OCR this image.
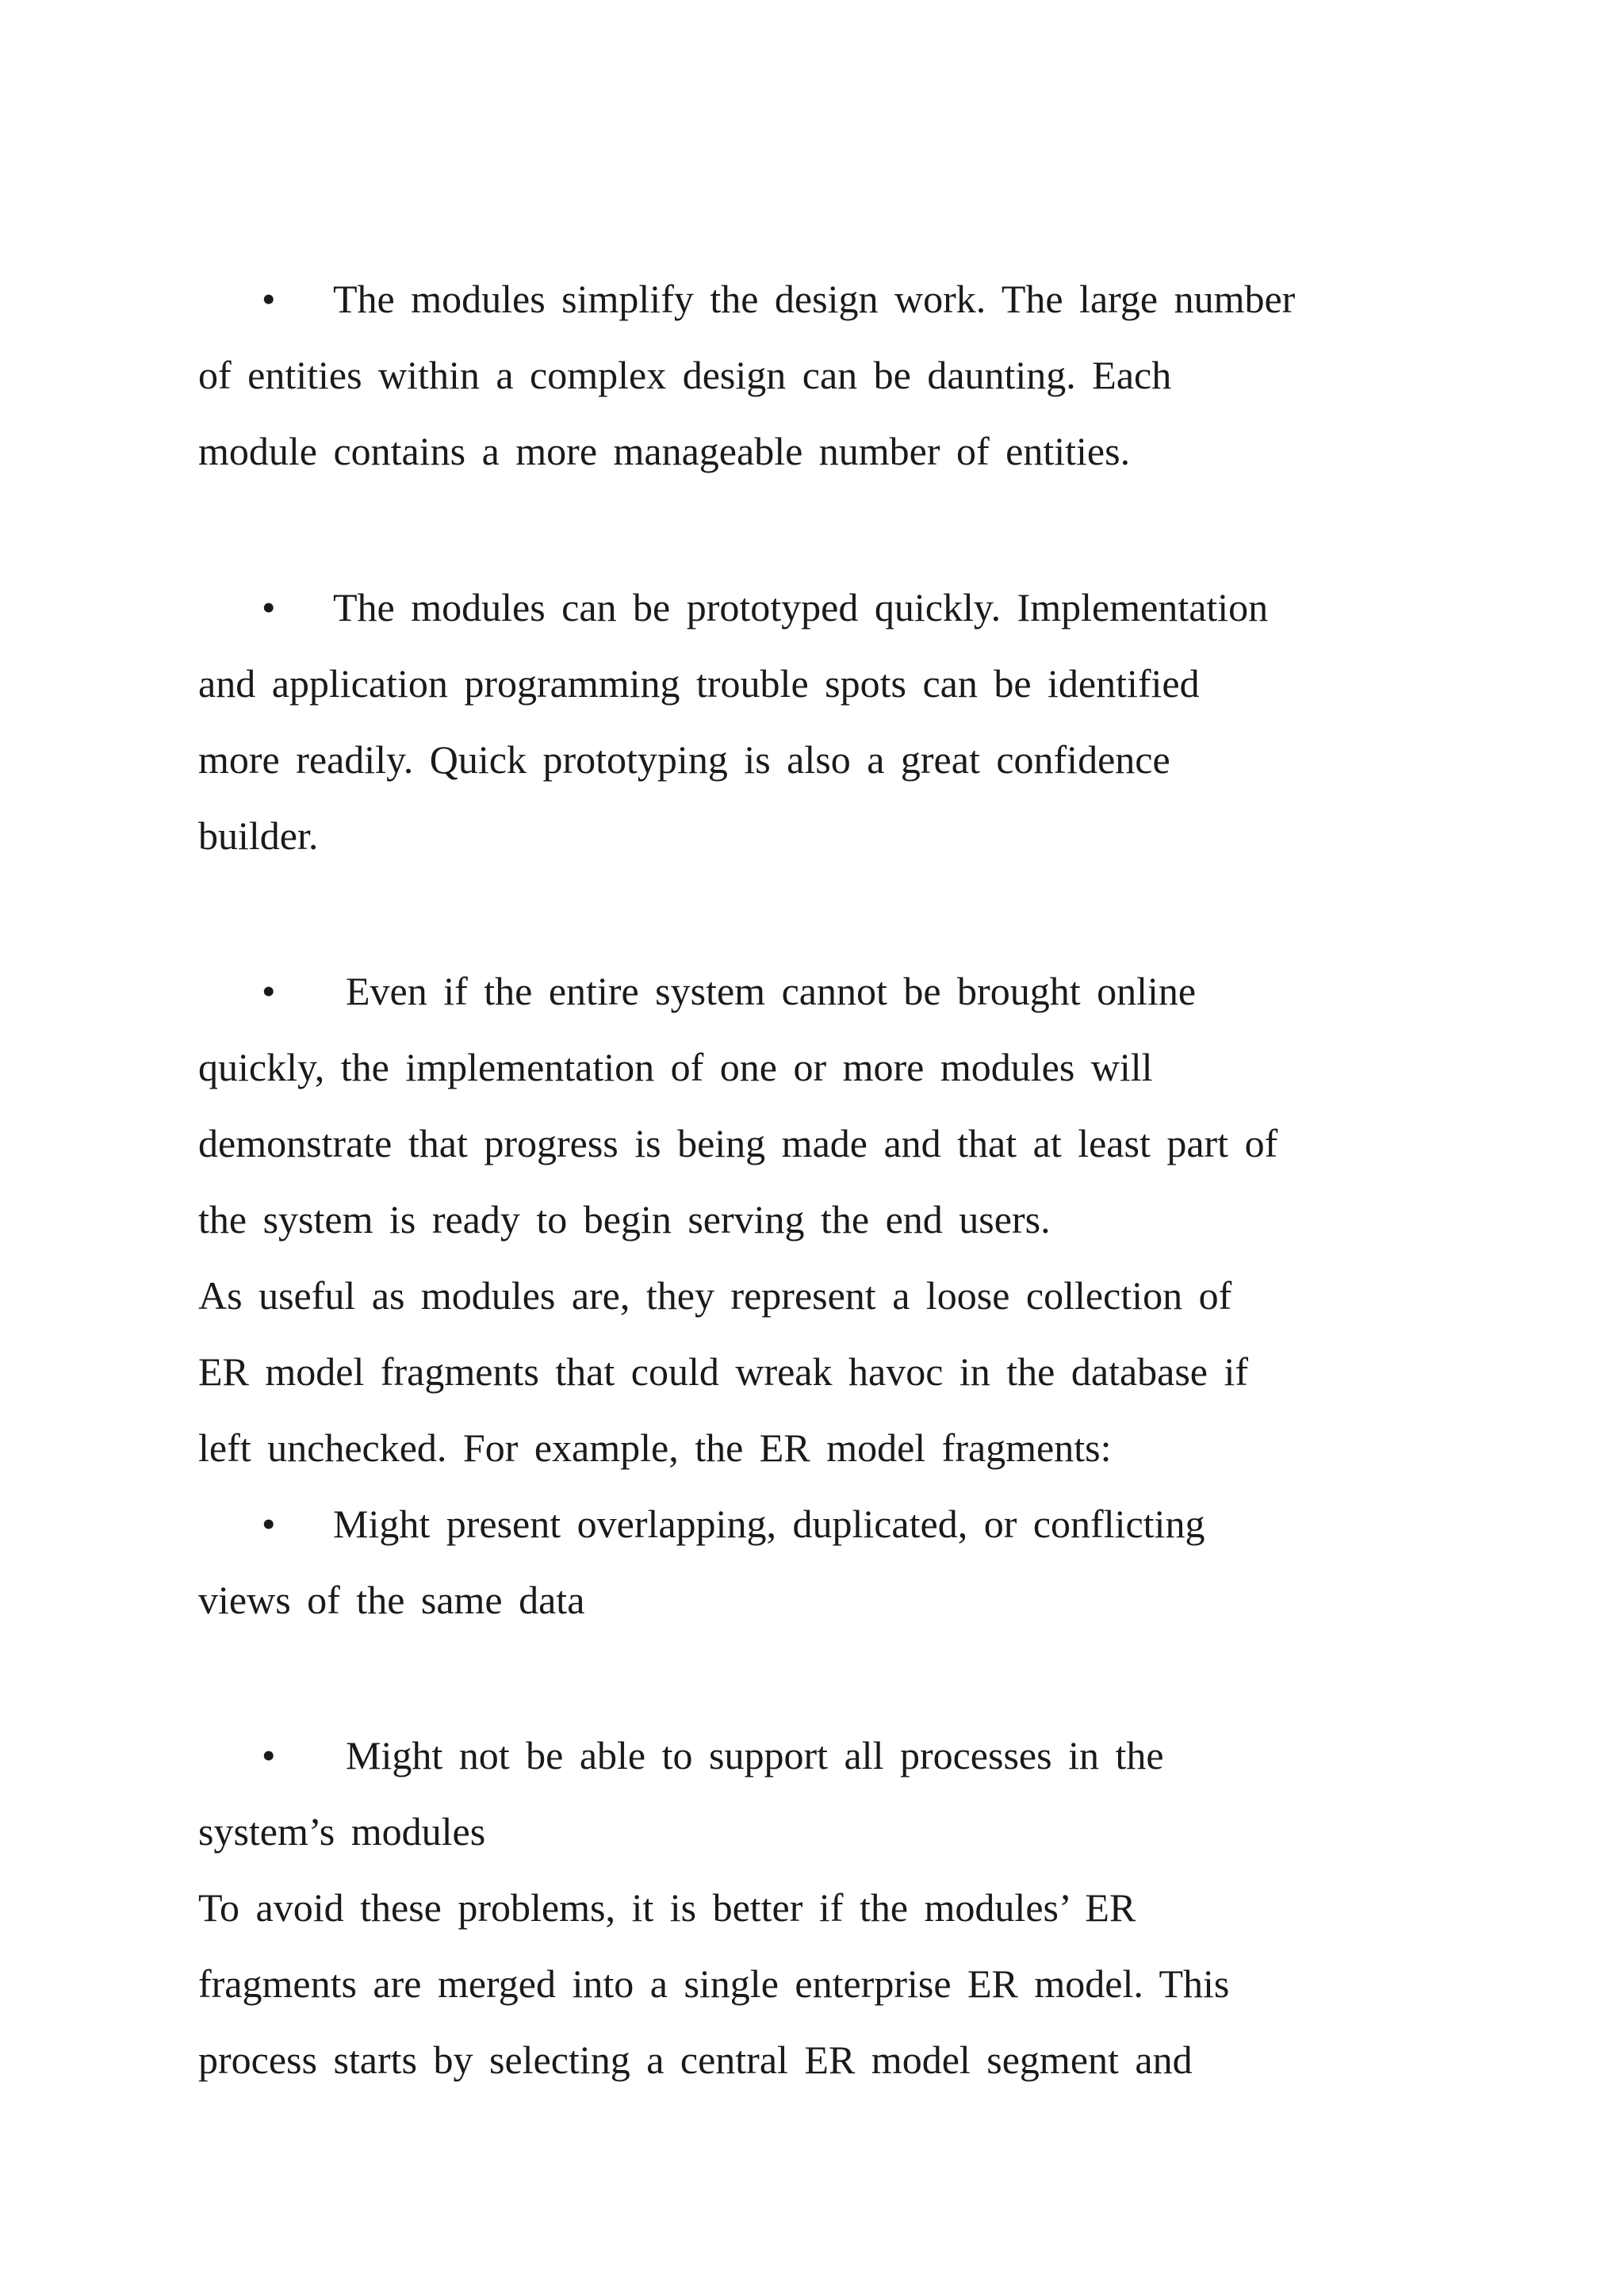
• The modules simplify the design work. The large number
of entities within a complex design can be daunting. Each
module contains a more manageable number of entities.
• The modules can be prototyped quickly. Implementation
and application programming trouble spots can be identified
more readily. Quick prototyping is also a great confidence
builder.
• Even if the entire system cannot be brought online
quickly, the implementation of one or more modules will
demonstrate that progress is being made and that at least part of
the system is ready to begin serving the end users.
As useful as modules are, they represent a loose collection of
ER model fragments that could wreak havoc in the database if
left unchecked. For example, the ER model fragments:
• Might present overlapping, duplicated, or conflicting
views of the same data
• Might not be able to support all processes in the
system’s modules
To avoid these problems, it is better if the modules’ ER
fragments are merged into a single enterprise ER model. This
process starts by selecting a central ER model segment and
